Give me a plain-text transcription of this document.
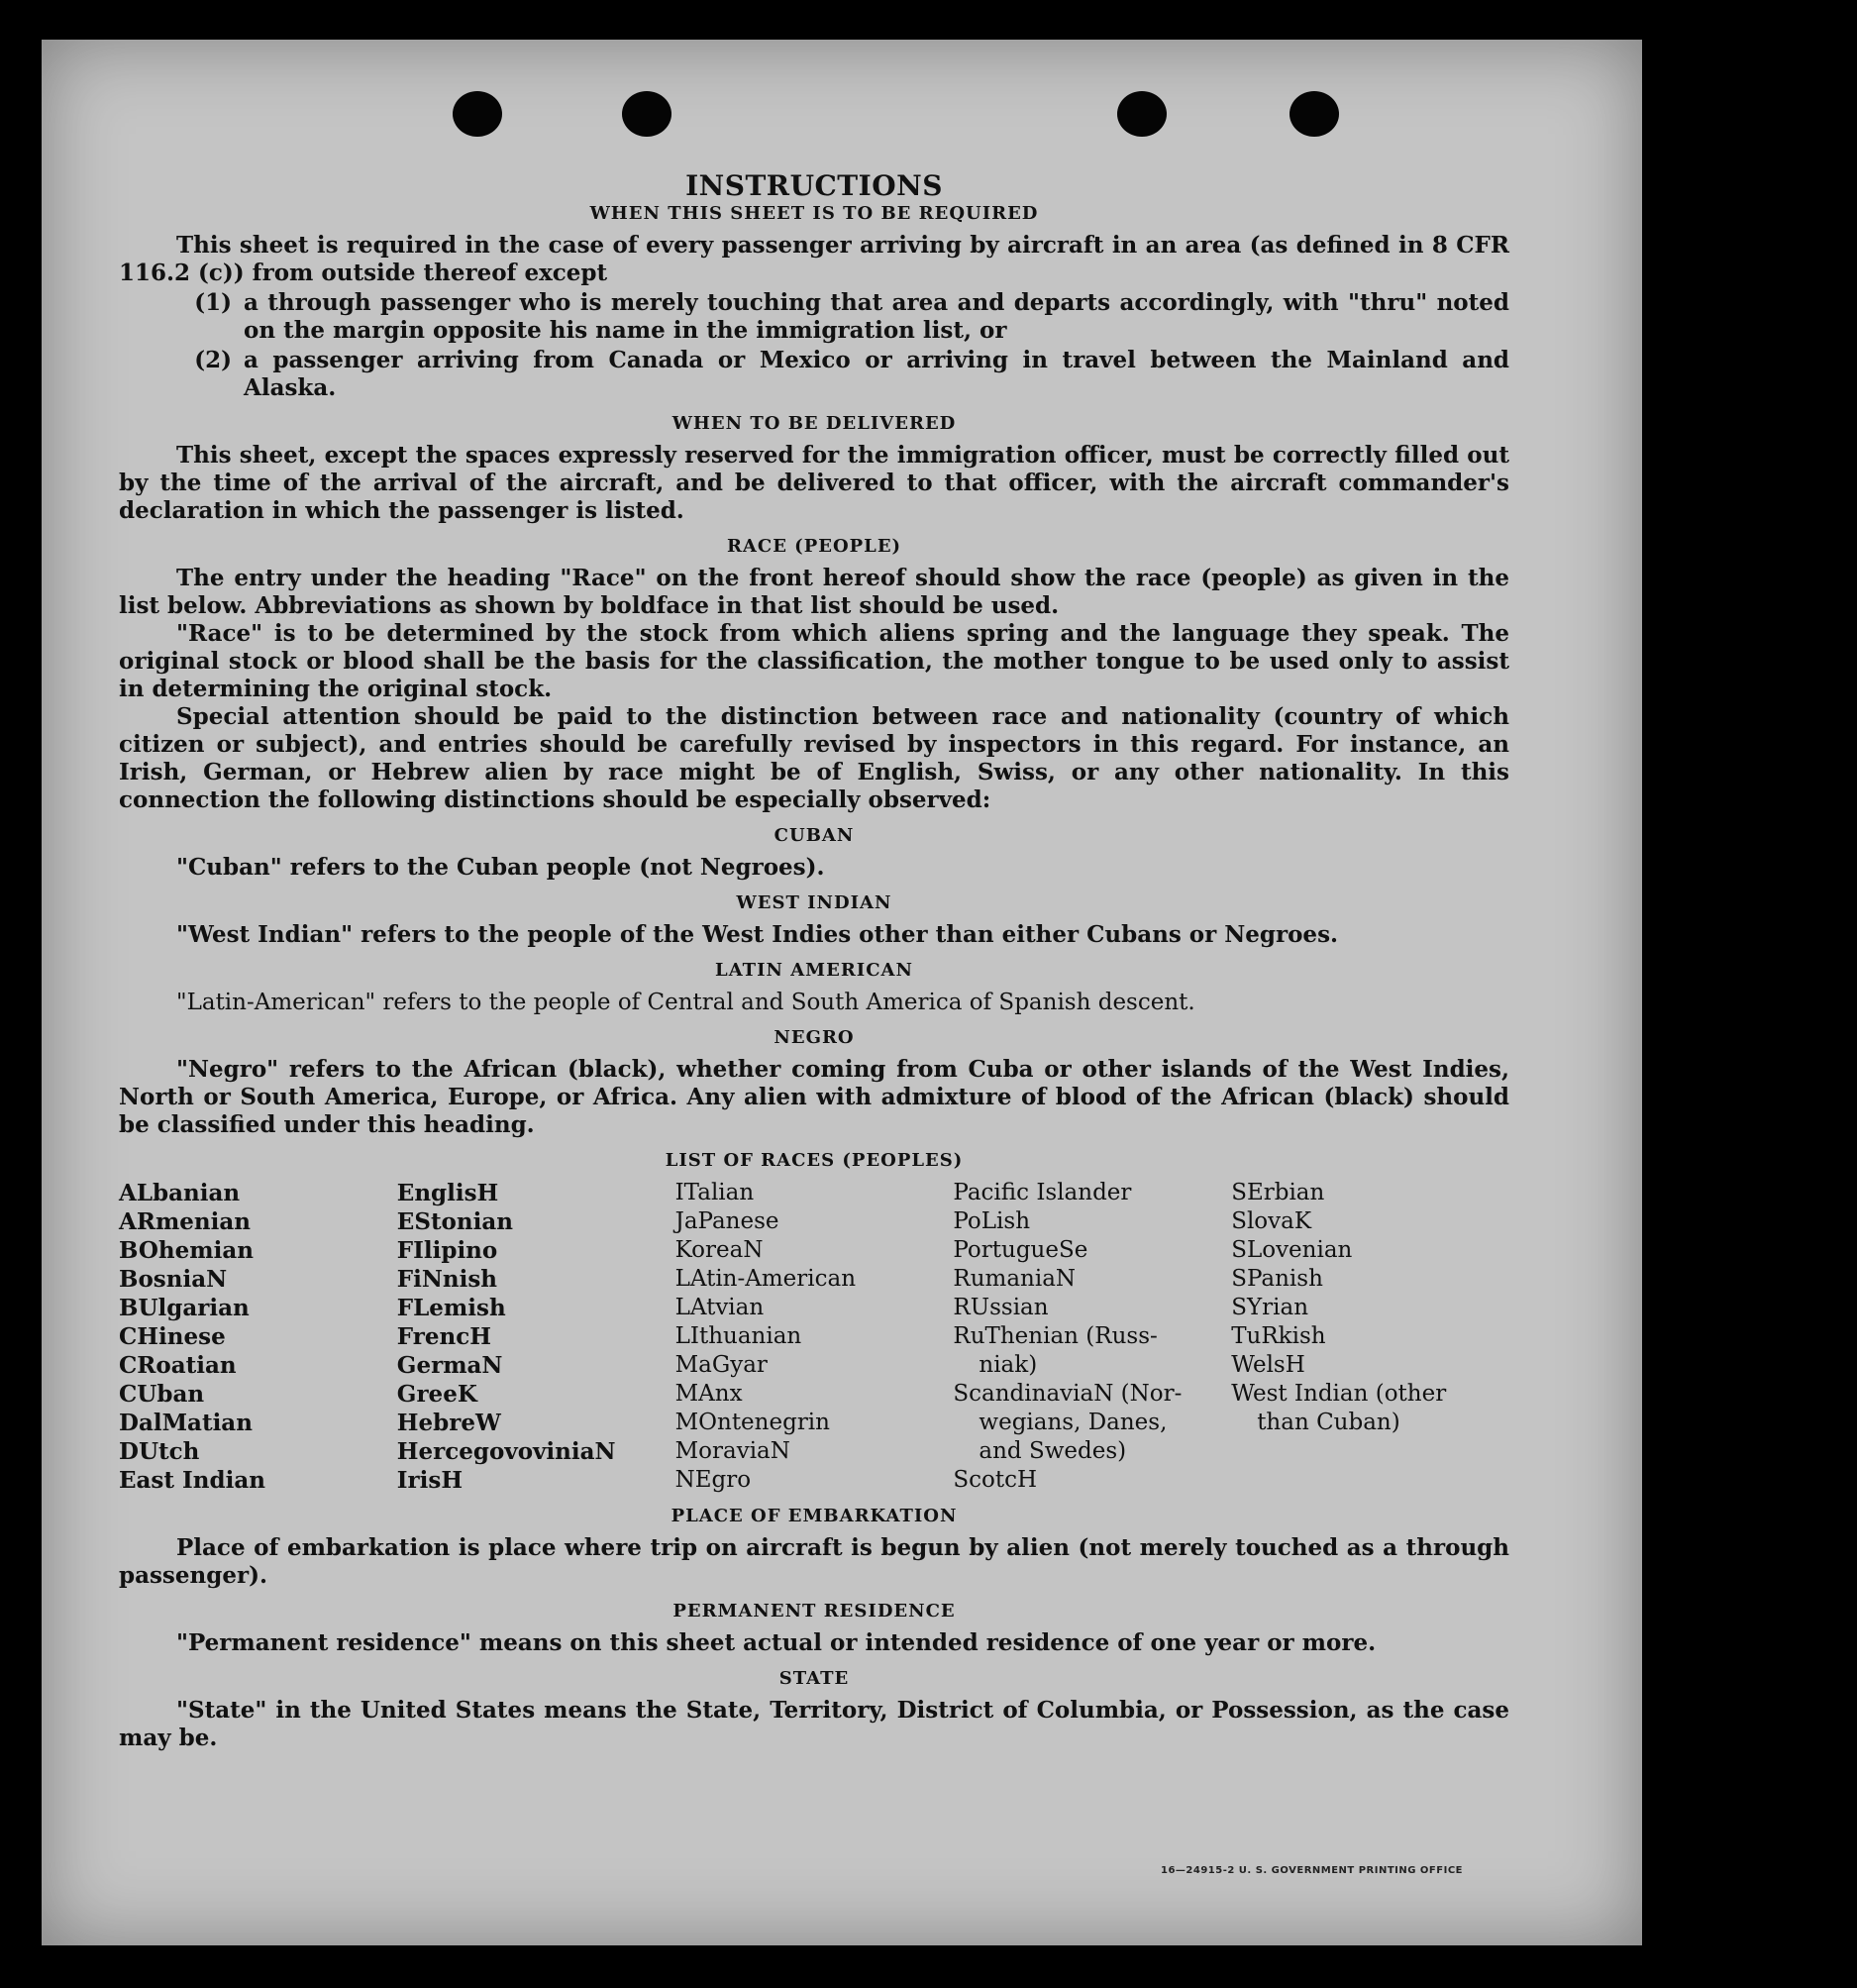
INSTRUCTIONS
WHEN THIS SHEET IS TO BE REQUIRED

This sheet is required in the case of every passenger arriving by aircraft in an area (as defined in 8 CFR 116.2 (c)) from outside thereof except

(1) a through passenger who is merely touching that area and departs accordingly, with "thru" noted on the margin opposite his name in the immigration list, or
(2) a passenger arriving from Canada or Mexico or arriving in travel between the Mainland and Alaska.
WHEN TO BE DELIVERED

This sheet, except the spaces expressly reserved for the immigration officer, must be correctly filled out by the time of the arrival of the aircraft, and be delivered to that officer, with the aircraft commander's declaration in which the passenger is listed.

RACE (PEOPLE)

The entry under the heading "Race" on the front hereof should show the race (people) as given in the list below. Abbreviations as shown by boldface in that list should be used.

"Race" is to be determined by the stock from which aliens spring and the language they speak. The original stock or blood shall be the basis for the classification, the mother tongue to be used only to assist in determining the original stock.

Special attention should be paid to the distinction between race and nationality (country of which citizen or subject), and entries should be carefully revised by inspectors in this regard. For instance, an Irish, German, or Hebrew alien by race might be of English, Swiss, or any other nationality. In this connection the following distinctions should be especially observed:

CUBAN

"Cuban" refers to the Cuban people (not Negroes).

WEST INDIAN

"West Indian" refers to the people of the West Indies other than either Cubans or Negroes.

LATIN AMERICAN

"Latin-American" refers to the people of Central and South America of Spanish descent.

NEGRO

"Negro" refers to the African (black), whether coming from Cuba or other islands of the West Indies, North or South America, Europe, or Africa. Any alien with admixture of blood of the African (black) should be classified under this heading.

LIST OF RACES (PEOPLES)
ALbanian
ARmenian
BOhemian
BosniaN
BUlgarian
CHinese
CRoatian
CUban
DalMatian
DUtch
East Indian
EnglisH
EStonian
FIlipino
FiNnish
FLemish
FrencH
GermaN
GreeK
HebreW
HercegovoviniaN
IrisH
ITalian
JaPanese
KoreaN
LAtin-American
LAtvian
LIthuanian
MaGyar
MAnx
MOntenegrin
MoraviaN
NEgro
Pacific Islander
PoLish
PortugueSe
RumaniaN
RUssian
RuThenian (Russ-
niak)
ScandinaviaN (Nor-
wegians, Danes,
and Swedes)
ScotcH
SErbian
SlovaK
SLovenian
SPanish
SYrian
TuRkish
WelsH
West Indian (other
than Cuban)
PLACE OF EMBARKATION

Place of embarkation is place where trip on aircraft is begun by alien (not merely touched as a through passenger).

PERMANENT RESIDENCE

"Permanent residence" means on this sheet actual or intended residence of one year or more.

STATE

"State" in the United States means the State, Territory, District of Columbia, or Possession, as the case may be.

16—24915-2 U. S. GOVERNMENT PRINTING OFFICE
